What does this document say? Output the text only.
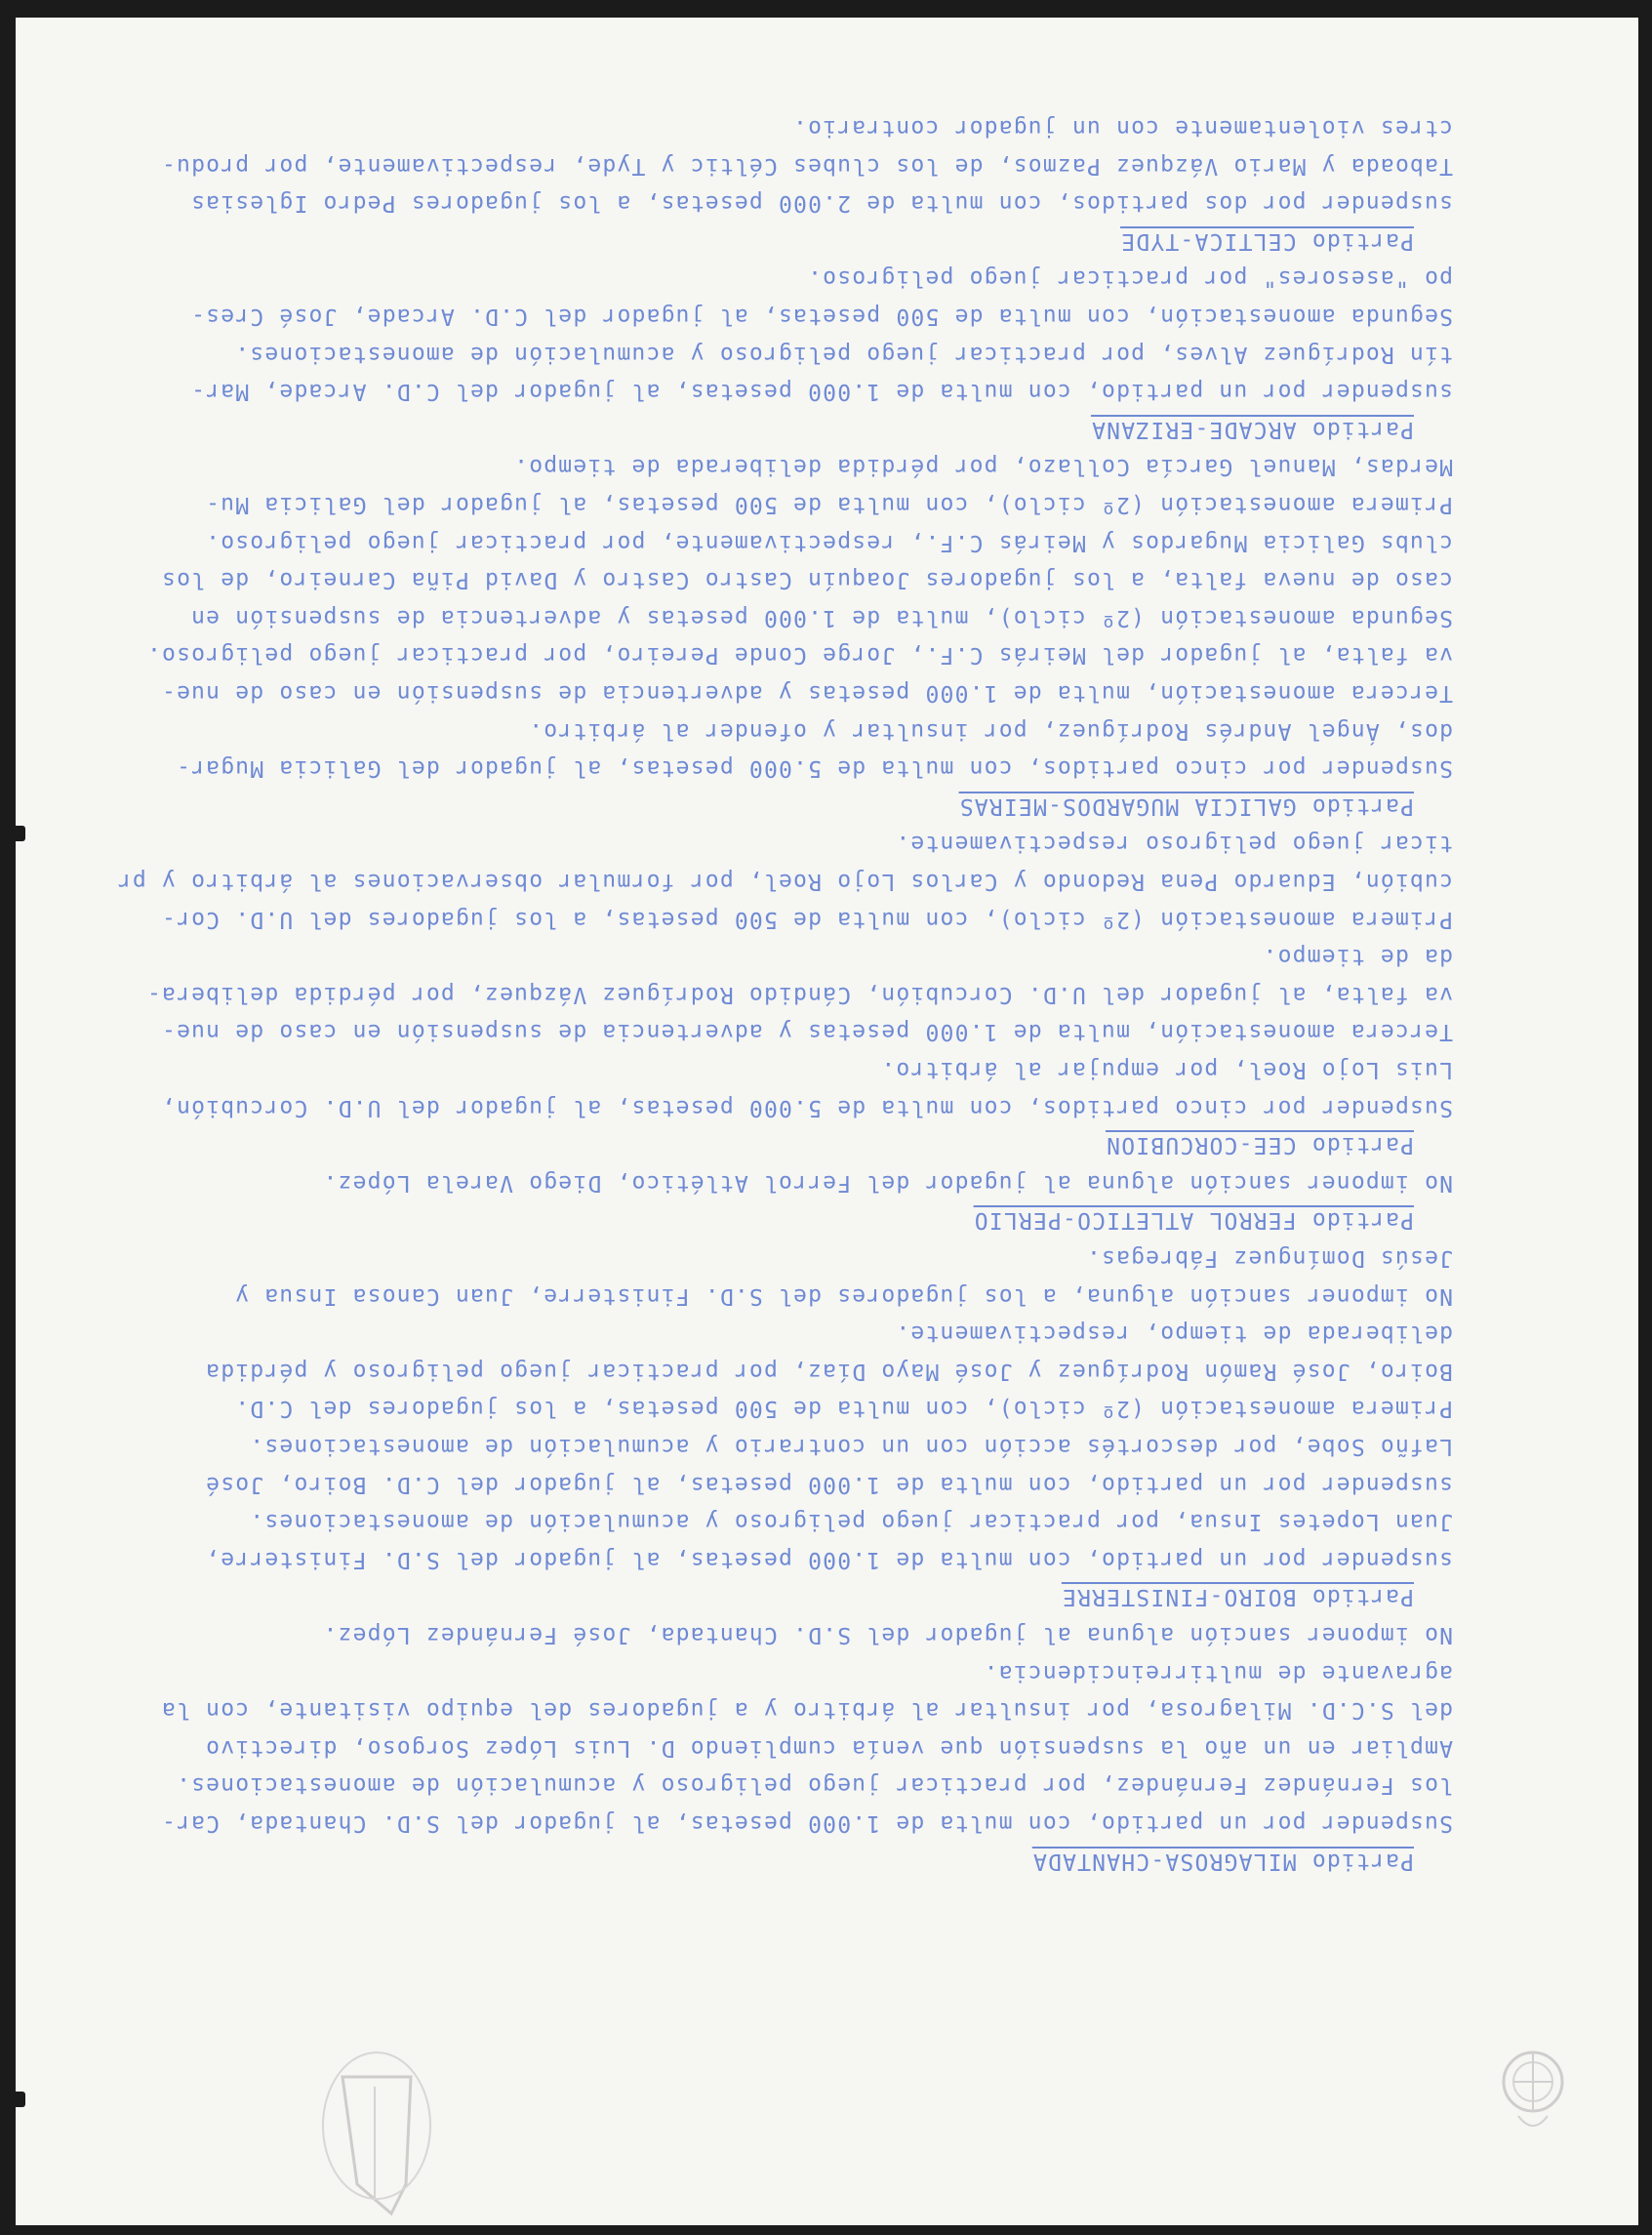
ctres violentamente con un jugador contrario.
Taboada y Mario Vázquez Pazmos, de los clubes Céltic y Tyde, respectivamente, por produ-
suspender por dos partidos, con multa de 2.000 pesetas, a los jugadores Pedro Iglesias
Partido CELTICA-TYDE
po "asesores" por practicar juego peligroso.
Segunda amonestación, con multa de 500 pesetas, al jugador del C.D. Arcade, José Cres-
tín Rodríguez Alves, por practicar juego peligroso y acumulación de amonestaciones.
suspender por un partido, con multa de 1.000 pesetas, al jugador del C.D. Arcade, Mar-
Partido ARCADE-ERIZANA
Merdas, Manuel García Collazo, por pérdida deliberada de tiempo.
Primera amonestación (2º ciclo), con multa de 500 pesetas, al jugador del Galicia Mu-
clubs Galicia Mugardos y Meirás C.F., respectivamente, por practicar juego peligroso.
caso de nueva falta, a los jugadores Joaquín Castro Castro y David Piña Carneiro, de los
Segunda amonestación (2º ciclo), multa de 1.000 pesetas y advertencia de suspensión en
va falta, al jugador del Meirás C.F., Jorge Conde Pereiro, por practicar juego peligroso.
Tercera amonestación, multa de 1.000 pesetas y advertencia de suspensión en caso de nue-
dos, Ángel Andrés Rodríguez, por insultar y ofender al árbitro.
Suspender por cinco partidos, con multa de 5.000 pesetas, al jugador del Galicia Mugar-
Partido GALICIA MUGARDOS-MEIRAS
ticar juego peligroso respectivamente.
cubión, Eduardo Pena Redondo y Carlos Lojo Roel, por formular observaciones al árbitro y pr
Primera amonestación (2º ciclo), con multa de 500 pesetas, a los jugadores del U.D. Cor-
da de tiempo.
va falta, al jugador del U.D. Corcubión, Cándido Rodríguez Vázquez, por pérdida delibera-
Tercera amonestación, multa de 1.000 pesetas y advertencia de suspensión en caso de nue-
Luis Lojo Roel, por empujar al árbitro.
Suspender por cinco partidos, con multa de 5.000 pesetas, al jugador del U.D. Corcubión,
Partido CEE-CORCUBION
No imponer sanción alguna al jugador del Ferrol Atlético, Diego Varela López.
Partido FERROL ATLETICO-PERLIO
Jesús Domínguez Fábregas.
No imponer sanción alguna, a los jugadores del S.D. Finisterre, Juan Canosa Insua y
deliberada de tiempo, respectivamente.
Boiro, José Ramón Rodríguez y José Mayo Díaz, por practicar juego peligroso y pérdida
Primera amonestación (2º ciclo), con multa de 500 pesetas, a los jugadores del C.D.
Lafño Sobe, por descortés acción con un contrario y acumulación de amonestaciones.
suspender por un partido, con multa de 1.000 pesetas, al jugador del C.D. Boiro, José
Juan Lopetes Insua, por practicar juego peligroso y acumulación de amonestaciones.
suspender por un partido, con multa de 1.000 pesetas, al jugador del S.D. Finisterre,
Partido BOIRO-FINISTERRE
No imponer sanción alguna al jugador del S.D. Chantada, José Fernández López.
agravante de multirreincidencia.
del S.C.D. Milagrosa, por insultar al árbitro y a jugadores del equipo visitante, con la
Ampliar en un año la suspensión que venía cumpliendo D. Luis López Sorgoso, directivo
los Fernández Fernández, por practicar juego peligroso y acumulación de amonestaciones.
Suspender por un partido, con multa de 1.000 pesetas, al jugador del S.D. Chantada, Car-
Partido MILAGROSA-CHANTADA
